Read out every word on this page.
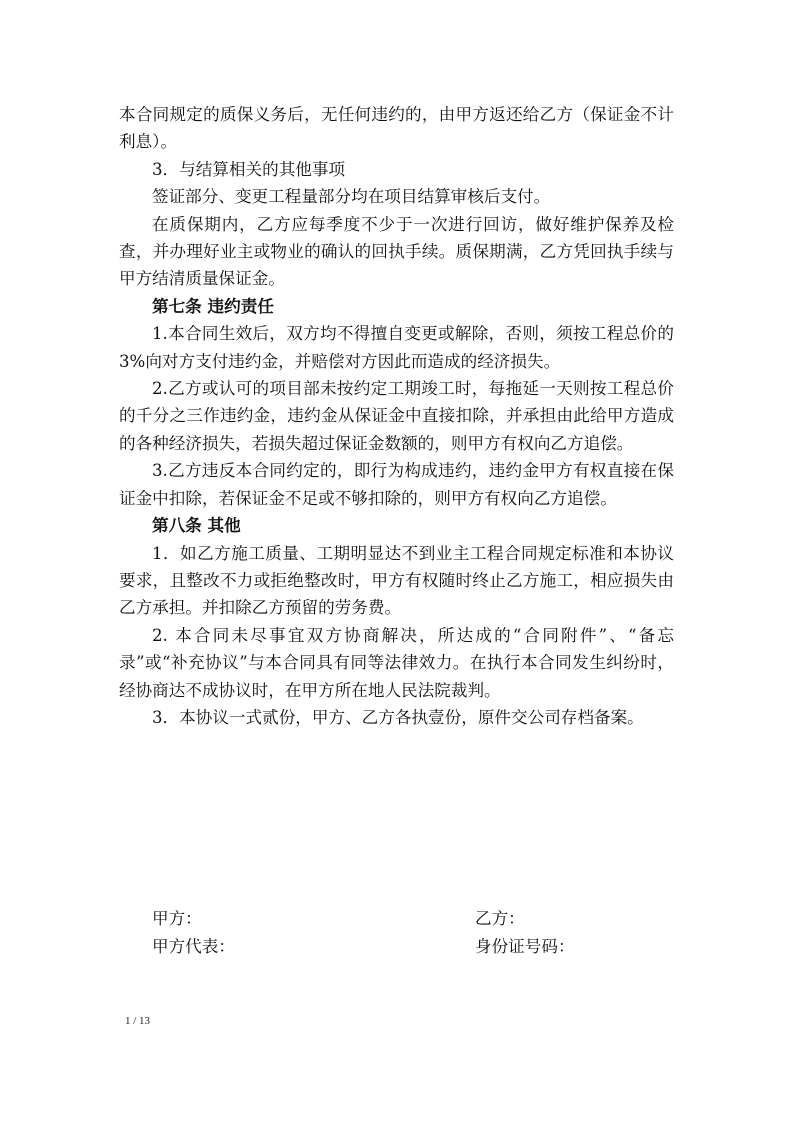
本合同规定的质保义务后，无任何违约的，由甲方返还给乙方（保证金不计利息）。

3．与结算相关的其他事项

签证部分、变更工程量部分均在项目结算审核后支付。

在质保期内，乙方应每季度不少于一次进行回访，做好维护保养及检查，并办理好业主或物业的确认的回执手续。质保期满，乙方凭回执手续与甲方结清质量保证金。

第七条 违约责任

1.本合同生效后，双方均不得擅自变更或解除，否则，须按工程总价的 3%向对方支付违约金，并赔偿对方因此而造成的经济损失。

2.乙方或认可的项目部未按约定工期竣工时，每拖延一天则按工程总价的千分之三作违约金，违约金从保证金中直接扣除，并承担由此给甲方造成的各种经济损失，若损失超过保证金数额的，则甲方有权向乙方追偿。

3.乙方违反本合同约定的，即行为构成违约，违约金甲方有权直接在保证金中扣除，若保证金不足或不够扣除的，则甲方有权向乙方追偿。

第八条 其他

1．如乙方施工质量、工期明显达不到业主工程合同规定标准和本协议要求，且整改不力或拒绝整改时，甲方有权随时终止乙方施工，相应损失由乙方承担。并扣除乙方预留的劳务费。

2. 本合同未尽事宜双方协商解决，所达成的“合同附件”、“备忘录”或“补充协议”与本合同具有同等法律效力。在执行本合同发生纠纷时，经协商达不成协议时，在甲方所在地人民法院裁判。

3．本协议一式贰份，甲方、乙方各执壹份，原件交公司存档备案。

甲方：
甲方代表：
乙方：
身份证号码：
1 / 13
